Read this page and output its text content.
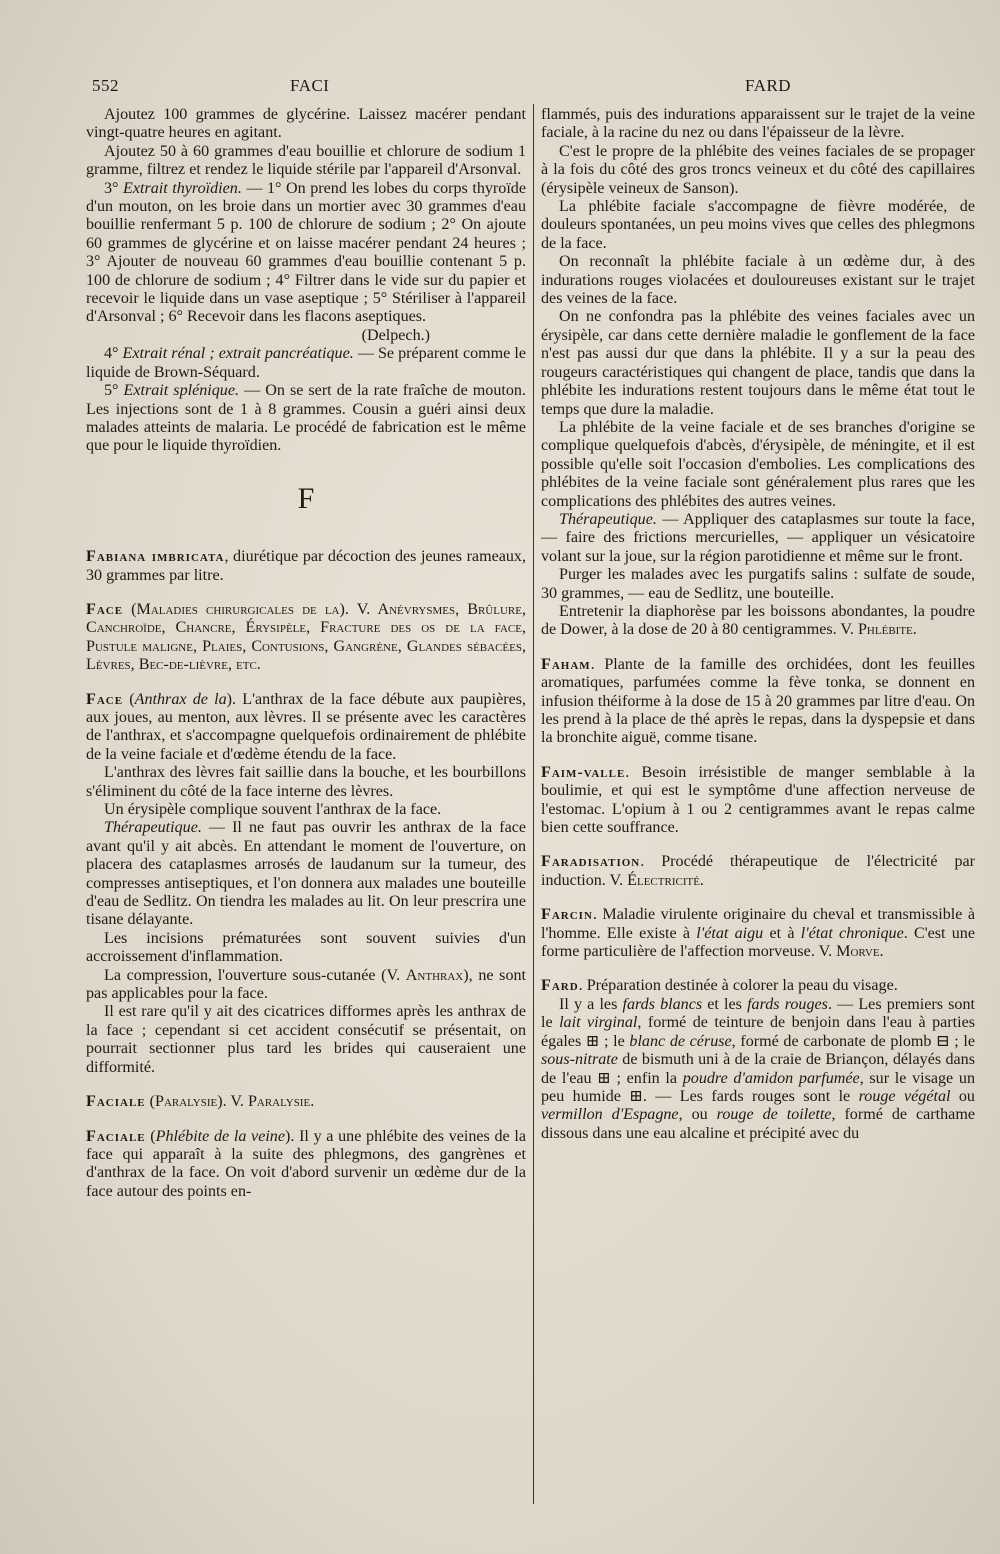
552	FACI	FARD

Ajoutez 100 grammes de glycérine. Laissez macérer pendant vingt-quatre heures en agitant.

Ajoutez 50 à 60 grammes d'eau bouillie et chlorure de sodium 1 gramme, filtrez et rendez le liquide stérile par l'appareil d'Arsonval.

3° Extrait thyroïdien. — 1° On prend les lobes du corps thyroïde d'un mouton, on les broie dans un mortier avec 30 grammes d'eau bouillie renfermant 5 p. 100 de chlorure de sodium ; 2° On ajoute 60 grammes de glycérine et on laisse macérer pendant 24 heures ; 3° Ajouter de nouveau 60 grammes d'eau bouillie contenant 5 p. 100 de chlorure de sodium ; 4° Filtrer dans le vide sur du papier et recevoir le liquide dans un vase aseptique ; 5° Stériliser à l'appareil d'Arsonval ; 6° Recevoir dans les flacons aseptiques.

(Delpech.)

4° Extrait rénal ; extrait pancréatique. — Se préparent comme le liquide de Brown-Séquard.

5° Extrait splénique. — On se sert de la rate fraîche de mouton. Les injections sont de 1 à 8 grammes. Cousin a guéri ainsi deux malades atteints de malaria. Le procédé de fabrication est le même que pour le liquide thyroïdien.

F

Fabiana imbricata, diurétique par décoction des jeunes rameaux, 30 grammes par litre.

Face (Maladies chirurgicales de la). V. Anévrysmes, Brûlure, Canchroïde, Chancre, Érysipèle, Fracture des os de la face, Pustule maligne, Plaies, Contusions, Gangrène, Glandes sébacées, Lèvres, Bec-de-lièvre, etc.

Face (Anthrax de la). L'anthrax de la face débute aux paupières, aux joues, au menton, aux lèvres. Il se présente avec les caractères de l'anthrax, et s'accompagne quelquefois ordinairement de phlébite de la veine faciale et d'œdème étendu de la face.

L'anthrax des lèvres fait saillie dans la bouche, et les bourbillons s'éliminent du côté de la face interne des lèvres.

Un érysipèle complique souvent l'anthrax de la face.

Thérapeutique. — Il ne faut pas ouvrir les anthrax de la face avant qu'il y ait abcès. En attendant le moment de l'ouverture, on placera des cataplasmes arrosés de laudanum sur la tumeur, des compresses antiseptiques, et l'on donnera aux malades une bouteille d'eau de Sedlitz. On tiendra les malades au lit. On leur prescrira une tisane délayante.

Les incisions prématurées sont souvent suivies d'un accroissement d'inflammation.

La compression, l'ouverture sous-cutanée (V. Anthrax), ne sont pas applicables pour la face.

Il est rare qu'il y ait des cicatrices difformes après les anthrax de la face ; cependant si cet accident consécutif se présentait, on pourrait sectionner plus tard les brides qui causeraient une difformité.

Faciale (Paralysie). V. Paralysie.

Faciale (Phlébite de la veine). Il y a une phlébite des veines de la face qui apparaît à la suite des phlegmons, des gangrènes et d'anthrax de la face. On voit d'abord survenir un œdème dur de la face autour des points en-

flammés, puis des indurations apparaissent sur le trajet de la veine faciale, à la racine du nez ou dans l'épaisseur de la lèvre.

C'est le propre de la phlébite des veines faciales de se propager à la fois du côté des gros troncs veineux et du côté des capillaires (érysipèle veineux de Sanson).

La phlébite faciale s'accompagne de fièvre modérée, de douleurs spontanées, un peu moins vives que celles des phlegmons de la face.

On reconnaît la phlébite faciale à un œdème dur, à des indurations rouges violacées et douloureuses existant sur le trajet des veines de la face.

On ne confondra pas la phlébite des veines faciales avec un érysipèle, car dans cette dernière maladie le gonflement de la face n'est pas aussi dur que dans la phlébite. Il y a sur la peau des rougeurs caractéristiques qui changent de place, tandis que dans la phlébite les indurations restent toujours dans le même état tout le temps que dure la maladie.

La phlébite de la veine faciale et de ses branches d'origine se complique quelquefois d'abcès, d'érysipèle, de méningite, et il est possible qu'elle soit l'occasion d'embolies. Les complications des phlébites de la veine faciale sont généralement plus rares que les complications des phlébites des autres veines.

Thérapeutique. — Appliquer des cataplasmes sur toute la face, — faire des frictions mercurielles, — appliquer un vésicatoire volant sur la joue, sur la région parotidienne et même sur le front.

Purger les malades avec les purgatifs salins : sulfate de soude, 30 grammes, — eau de Sedlitz, une bouteille.

Entretenir la diaphorèse par les boissons abondantes, la poudre de Dower, à la dose de 20 à 80 centigrammes. V. Phlébite.

Faham. Plante de la famille des orchidées, dont les feuilles aromatiques, parfumées comme la fève tonka, se donnent en infusion théiforme à la dose de 15 à 20 grammes par litre d'eau. On les prend à la place de thé après le repas, dans la dyspepsie et dans la bronchite aiguë, comme tisane.

Faim-valle. Besoin irrésistible de manger semblable à la boulimie, et qui est le symptôme d'une affection nerveuse de l'estomac. L'opium à 1 ou 2 centigrammes avant le repas calme bien cette souffrance.

Faradisation. Procédé thérapeutique de l'électricité par induction. V. Électricité.

Farcin. Maladie virulente originaire du cheval et transmissible à l'homme. Elle existe à l'état aigu et à l'état chronique. C'est une forme particulière de l'affection morveuse. V. Morve.

Fard. Préparation destinée à colorer la peau du visage.

Il y a les fards blancs et les fards rouges. — Les premiers sont le lait virginal, formé de teinture de benjoin dans l'eau à parties égales ⊞ ; le blanc de céruse, formé de carbonate de plomb ⊟ ; le sous-nitrate de bismuth uni à de la craie de Briançon, délayés dans de l'eau ⊞ ; enfin la poudre d'amidon parfumée, sur le visage un peu humide ⊞. — Les fards rouges sont le rouge végétal ou vermillon d'Espagne, ou rouge de toilette, formé de carthame dissous dans une eau alcaline et précipité avec du
